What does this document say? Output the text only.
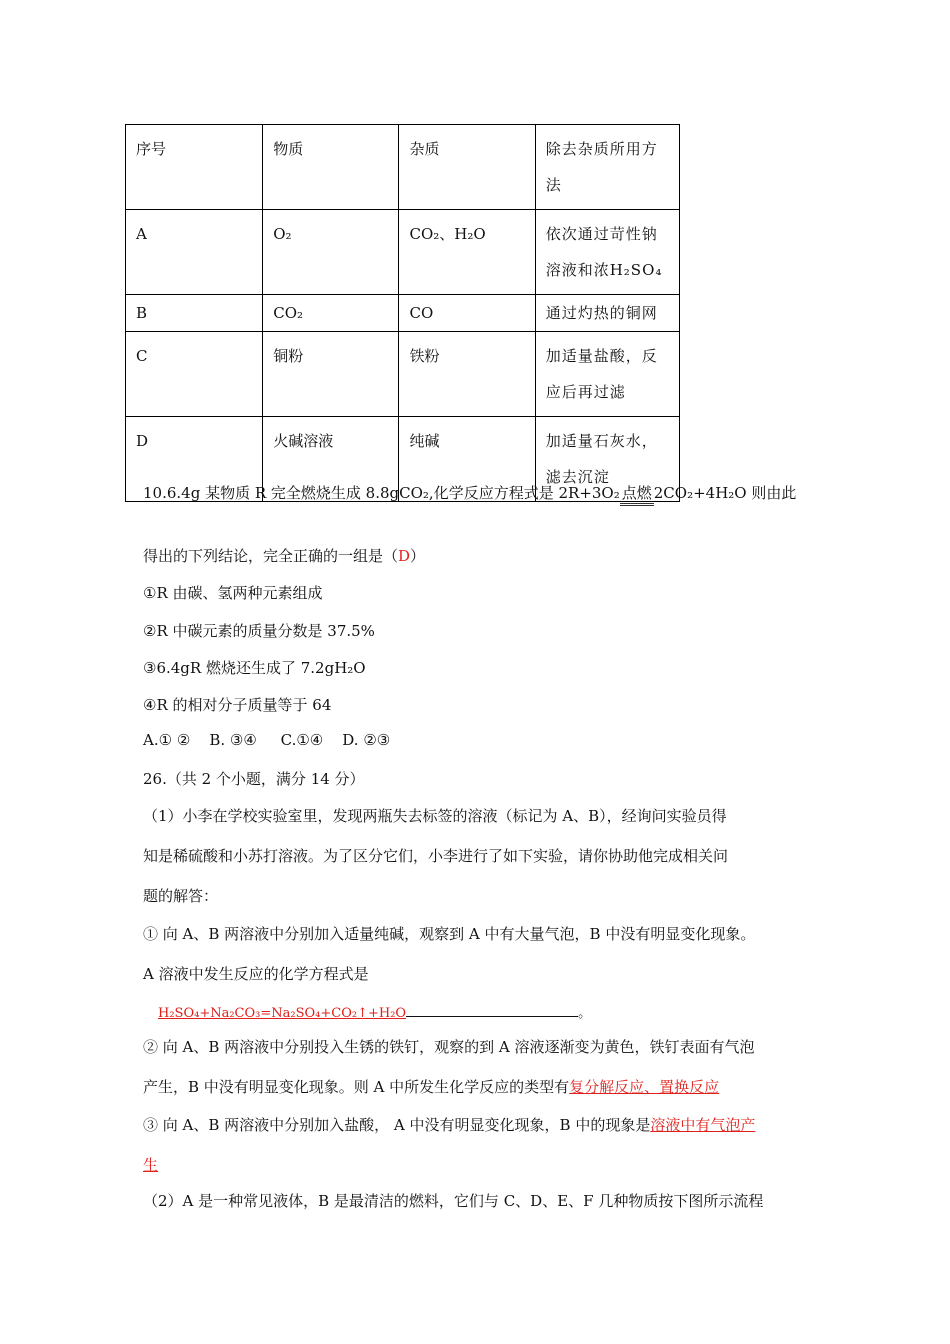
序号	物质	杂质	除去杂质所用方法
A	O₂	CO₂、H₂O	依次通过苛性钠溶液和浓H₂SO₄
B	CO₂	CO	通过灼热的铜网
C	铜粉	铁粉	加适量盐酸，反应后再过滤
D	火碱溶液	纯碱	加适量石灰水，滤去沉淀
10.6.4g 某物质 R 完全燃烧生成 8.8gCO₂,化学反应方程式是 2R+3O₂ 点燃 2CO₂+4H₂O 则由此
得出的下列结论，完全正确的一组是（D）
①R 由碳、氢两种元素组成
②R 中碳元素的质量分数是 37.5%
③6.4gR 燃烧还生成了 7.2gH₂O
④R 的相对分子质量等于 64
A.① ②    B. ③④     C.①④    D. ②③
26.（共 2 个小题，满分 14 分）
（1）小李在学校实验室里，发现两瓶失去标签的溶液（标记为 A、B），经询问实验员得
知是稀硫酸和小苏打溶液。为了区分它们，小李进行了如下实验，请你协助他完成相关问
题的解答：
① 向 A、B 两溶液中分别加入适量纯碱，观察到 A 中有大量气泡，B 中没有明显变化现象。
A 溶液中发生反应的化学方程式是
H₂SO₄+Na₂CO₃=Na₂SO₄+CO₂↑+H₂O	。
② 向 A、B 两溶液中分别投入生锈的铁钉，观察的到 A 溶液逐渐变为黄色，铁钉表面有气泡
产生，B 中没有明显变化现象。则 A 中所发生化学反应的类型有复分解反应、置换反应
③ 向 A、B 两溶液中分别加入盐酸， A 中没有明显变化现象，B 中的现象是溶液中有气泡产
生
（2）A 是一种常见液体，B 是最清洁的燃料，它们与 C、D、E、F 几种物质按下图所示流程
